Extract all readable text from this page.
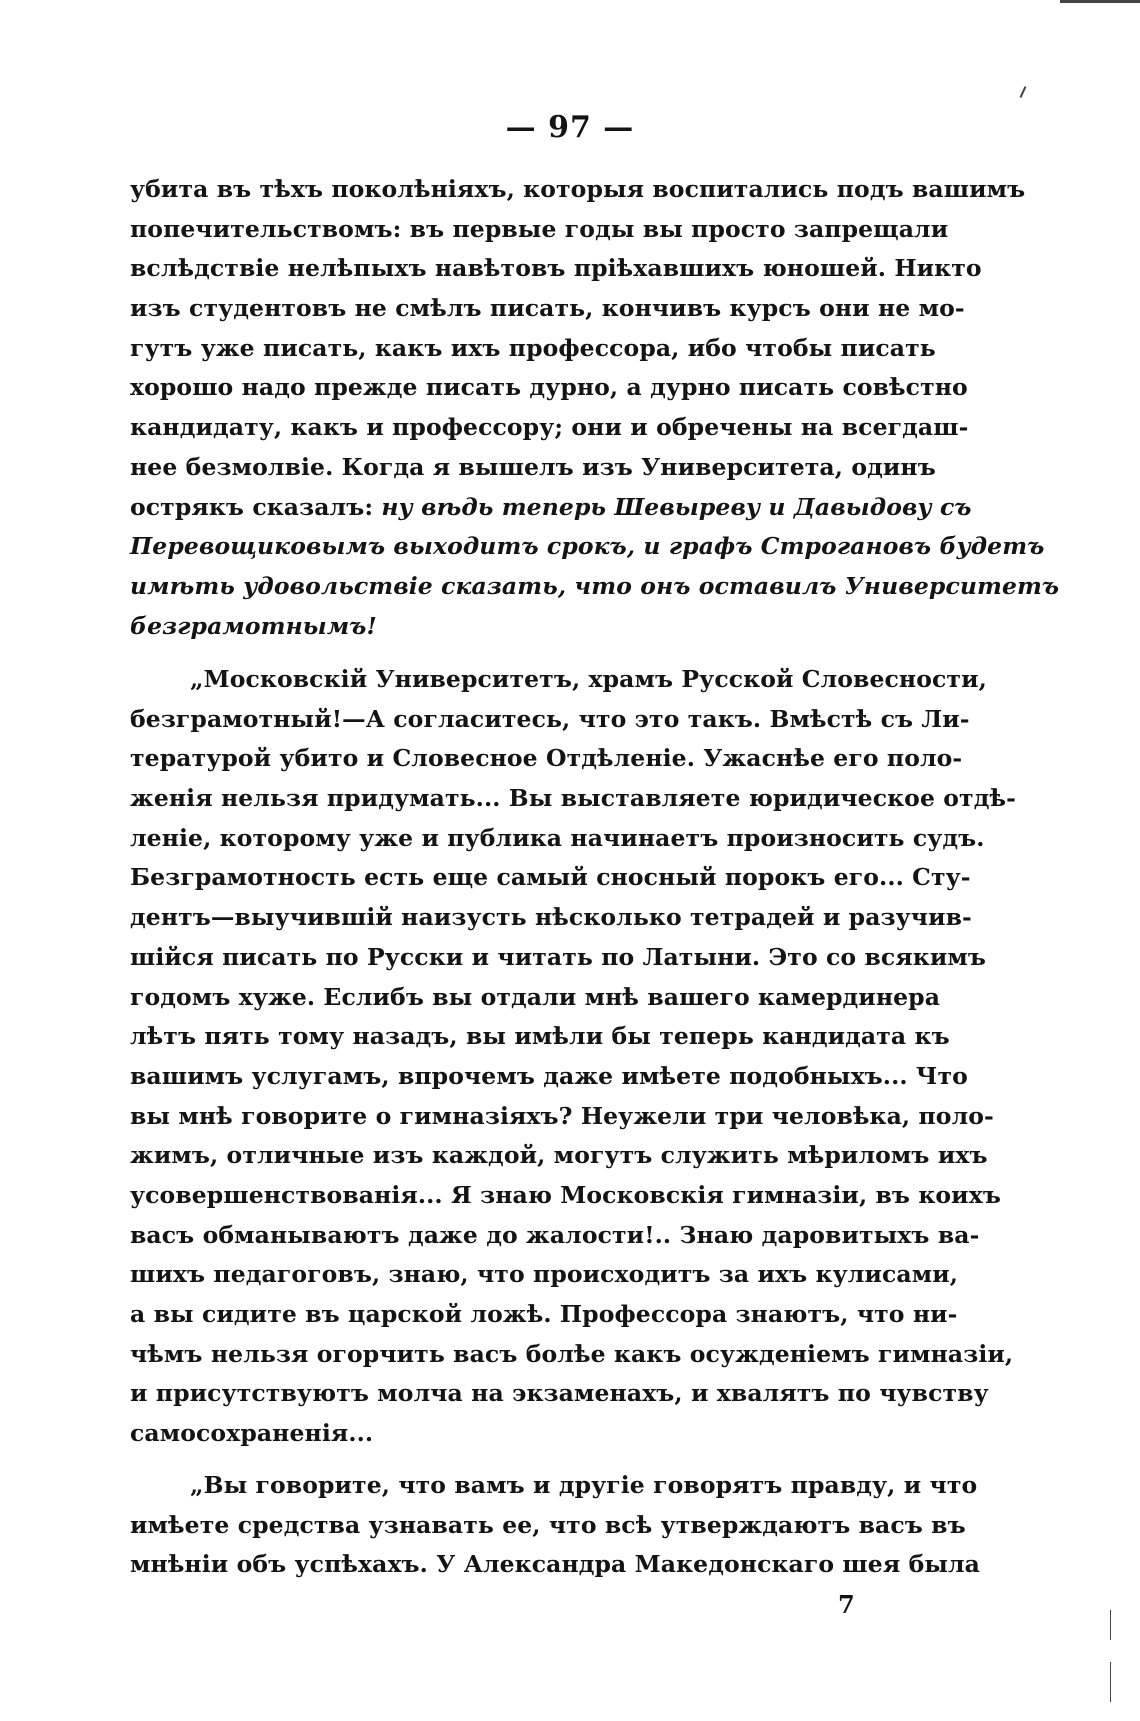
— 97 —
убита въ тѣхъ поколѣніяхъ, которыя воспитались подъ вашимъ
попечительствомъ: въ первые годы вы просто запрещали
вслѣдствіе нелѣпыхъ навѣтовъ пріѣхавшихъ юношей. Никто
изъ студентовъ не смѣлъ писать, кончивъ курсъ они не мо-
гутъ уже писать, какъ ихъ профессора, ибо чтобы писать
хорошо надо прежде писать дурно, а дурно писать совѣстно
кандидату, какъ и профессору; они и обречены на всегдаш-
нее безмолвіе. Когда я вышелъ изъ Университета, одинъ
острякъ сказалъ: ну вѣдь теперь Шевыреву и Давыдову съ
Перевощиковымъ выходитъ срокъ, и графъ Строгановъ будетъ
имѣть удовольствіе сказать, что онъ оставилъ Университетъ
безграмотнымъ!
„Московскій Университетъ, храмъ Русской Словесности,
безграмотный!—А согласитесь, что это такъ. Вмѣстѣ съ Ли-
тературой убито и Словесное Отдѣленіе. Ужаснѣе его поло-
женія нельзя придумать... Вы выставляете юридическое отдѣ-
леніе, которому уже и публика начинаетъ произносить судъ.
Безграмотность есть еще самый сносный порокъ его... Сту-
дентъ—выучившій наизусть нѣсколько тетрадей и разучив-
шійся писать по Русски и читать по Латыни. Это со всякимъ
годомъ хуже. Еслибъ вы отдали мнѣ вашего камердинера
лѣтъ пять тому назадъ, вы имѣли бы теперь кандидата къ
вашимъ услугамъ, впрочемъ даже имѣете подобныхъ... Что
вы мнѣ говорите о гимназіяхъ? Неужели три человѣка, поло-
жимъ, отличные изъ каждой, могутъ служить мѣриломъ ихъ
усовершенствованія... Я знаю Московскія гимназіи, въ коихъ
васъ обманываютъ даже до жалости!.. Знаю даровитыхъ ва-
шихъ педагоговъ, знаю, что происходитъ за ихъ кулисами,
а вы сидите въ царской ложѣ. Профессора знаютъ, что ни-
чѣмъ нельзя огорчить васъ болѣе какъ осужденіемъ гимназіи,
и присутствуютъ молча на экзаменахъ, и хвалятъ по чувству
самосохраненія...
„Вы говорите, что вамъ и другіе говорятъ правду, и что
имѣете средства узнавать ее, что всѣ утверждаютъ васъ въ
мнѣніи объ успѣхахъ. У Александра Македонскаго шея была
7
